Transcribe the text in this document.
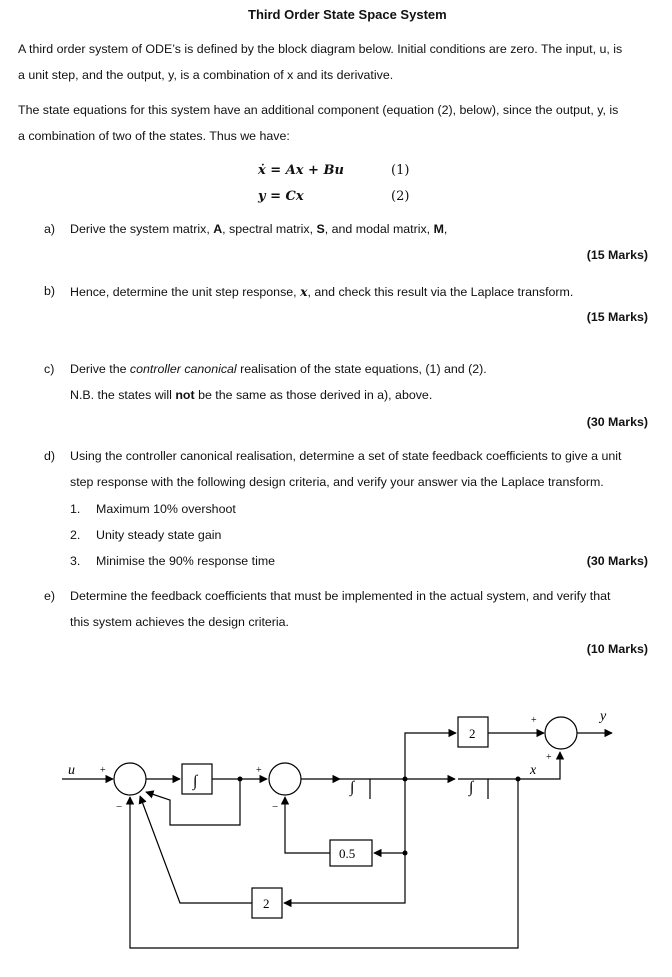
Third Order State Space System
A third order system of ODE’s is defined by the block diagram below. Initial conditions are zero. The input, u, is
a unit step, and the output, y, is a combination of x and its derivative.
The state equations for this system have an additional component (equation (2), below), since the output, y, is
a combination of two of the states. Thus we have:
ẋ = Ax + Bu	(1)
y = Cx	(2)
a) Derive the system matrix, A, spectral matrix, S, and modal matrix, M,
(15 Marks)
b) Hence, determine the unit step response, x, and check this result via the Laplace transform.
(15 Marks)
c) Derive the controller canonical realisation of the state equations, (1) and (2).
N.B. the states will not be the same as those derived in a), above.
(30 Marks)
d) Using the controller canonical realisation, determine a set of state feedback coefficients to give a unit
step response with the following design criteria, and verify your answer via the Laplace transform.
1. Maximum 10% overshoot
2. Unity steady state gain
3. Minimise the 90% response time	(30 Marks)
e) Determine the feedback coefficients that must be implemented in the actual system, and verify that
this system achieves the design criteria.
(10 Marks)
u
y
x
∫	∫	∫
2
0.5
2
+
−
+
−
+
+
